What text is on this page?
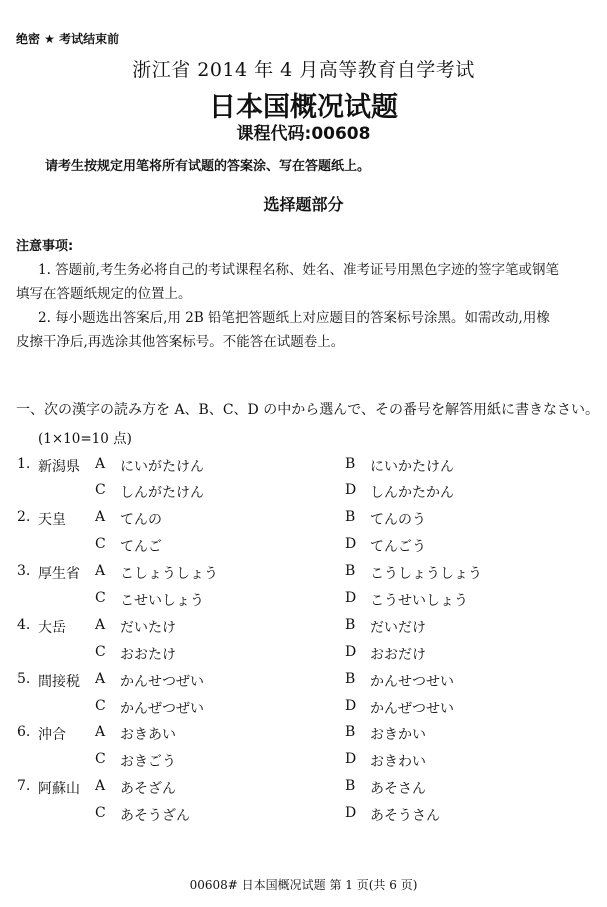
绝密 ★ 考试结束前
浙江省 2014 年 4 月高等教育自学考试
日本国概况试题
课程代码:00608
请考生按规定用笔将所有试题的答案涂、写在答题纸上。
选择题部分
注意事项:
1. 答题前,考生务必将自己的考试课程名称、姓名、准考证号用黑色字迹的签字笔或钢笔
填写在答题纸规定的位置上。
2. 每小题选出答案后,用 2B 铅笔把答题纸上对应题目的答案标号涂黑。如需改动,用橡
皮擦干净后,再选涂其他答案标号。不能答在试题卷上。
一、次の漢字の読み方を A、B、C、D の中から選んで、その番号を解答用紙に書きなさい。
(1×10=10 点)
1. 新潟県 A にいがたけん	B にいかたけん
C しんがたけん	D しんかたかん
2. 天皇 A てんの	B てんのう
C てんご	D てんごう
3. 厚生省 A こしょうしょう	B こうしょうしょう
C こせいしょう	D こうせいしょう
4. 大岳 A だいたけ	B だいだけ
C おおたけ	D おおだけ
5. 間接税 A かんせつぜい	B かんせつせい
C かんぜつぜい	D かんぜつせい
6. 沖合 A おきあい	B おきかい
C おきごう	D おきわい
7. 阿蘇山 A あそざん	B あそさん
C あそうざん	D あそうさん
00608# 日本国概况试题 第 1 页(共 6 页)
